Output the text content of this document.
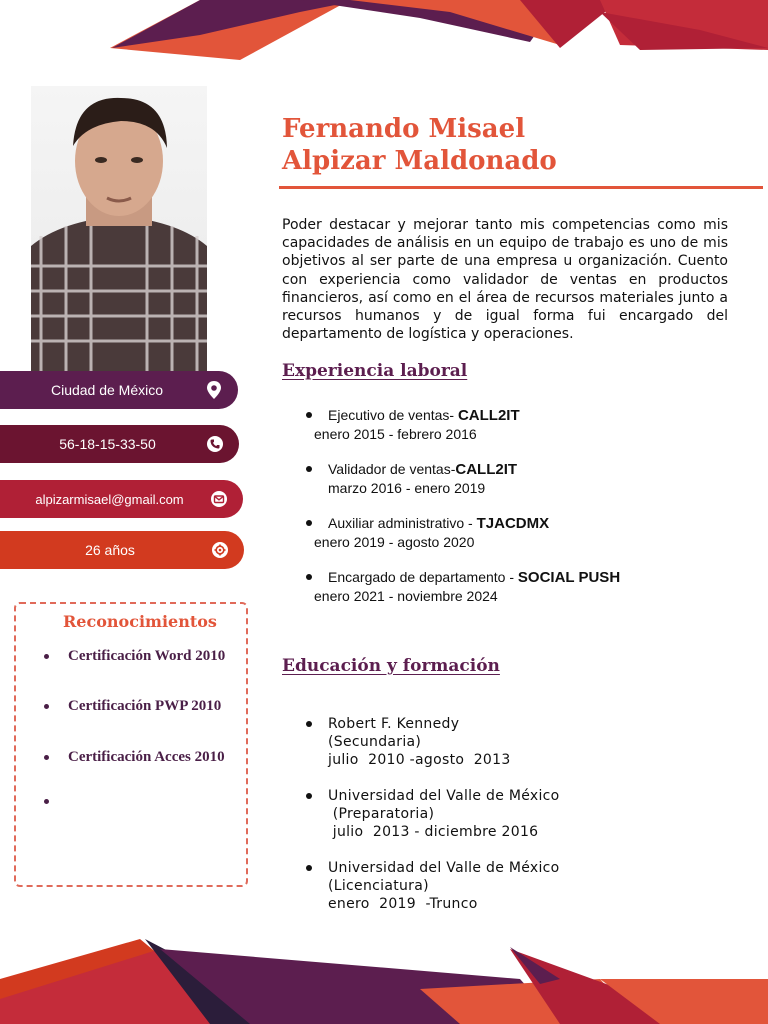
Ciudad de México
56-18-15-33-50
alpizarmisael@gmail.com
26 años
Reconocimientos
Certificación Word 2010
Certificación PWP 2010
Certificación Acces 2010
Fernando Misael
Alpizar Maldonado
Poder destacar y mejorar tanto mis competencias como mis capacidades de análisis en un equipo de trabajo es uno de mis objetivos al ser parte de una empresa u organización. Cuento con experiencia como validador de ventas en productos financieros, así como en el área de recursos materiales junto a recursos humanos y de igual forma fui encargado del departamento de logística y operaciones.
Experiencia laboral
Ejecutivo de ventas- CALL2IT
enero 2015 - febrero 2016
Validador de ventas-CALL2IT
marzo 2016 - enero 2019
Auxiliar administrativo - TJACDMX
enero 2019 - agosto 2020
Encargado de departamento - SOCIAL PUSH
enero 2021 - noviembre 2024
Educación y formación
Robert F. Kennedy
(Secundaria)
julio  2010 -agosto  2013
Universidad del Valle de México
(Preparatoria)
julio  2013 - diciembre 2016
Universidad del Valle de México
(Licenciatura)
enero  2019  -Trunco
